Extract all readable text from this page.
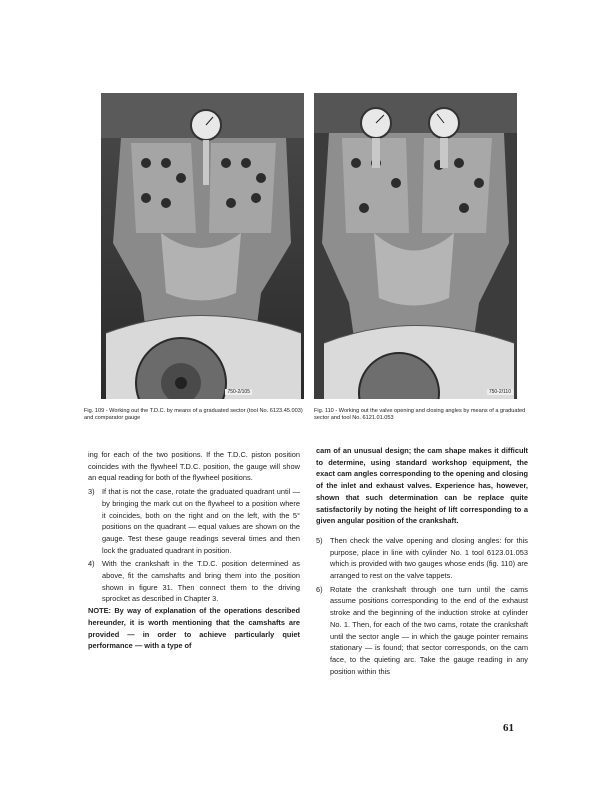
750-2/105	750-2/110
Fig. 109 - Working out the T.D.C. by means of a graduated sector (tool No. 6123.45.003) and comparator gauge
Fig. 110 - Working out the valve opening and closing angles by means of a graduated sector and tool No. 6121.01.053

ing for each of the two positions. If the T.D.C. piston position coincides with the flywheel T.D.C. position, the gauge will show an equal reading for both of the flywheel positions.

3) If that is not the case, rotate the graduated quadrant until — by bringing the mark cut on the flywheel to a position where it coincides, both on the right and on the left, with the 5° positions on the quadrant — equal values are shown on the gauge. Test these gauge readings several times and then lock the graduated quadrant in position.
4) With the crankshaft in the T.D.C. position determined as above, fit the camshafts and bring them into the position shown in figure 31. Then connect them to the driving sprocket as described in Chapter 3.

NOTE: By way of explanation of the operations described hereunder, it is worth mentioning that the camshafts are provided — in order to achieve particularly quiet performance — with a type of

cam of an unusual design; the cam shape makes it difficult to determine, using standard workshop equipment, the exact cam angles corresponding to the opening and closing of the inlet and exhaust valves. Experience has, however, shown that such determination can be replace quite satisfactorily by noting the height of lift corresponding to a given angular position of the crankshaft.

5) Then check the valve opening and closing angles: for this purpose, place in line with cylinder No. 1 tool 6123.01.053 which is provided with two gauges whose ends (fig. 110) are arranged to rest on the valve tappets.
6) Rotate the crankshaft through one turn until the cams assume positions corresponding to the end of the exhaust stroke and the beginning of the induction stroke at cylinder No. 1. Then, for each of the two cams, rotate the crankshaft until the sector angle — in which the gauge pointer remains stationary — is found; that sector corresponds, on the cam face, to the quieting arc. Take the gauge reading in any position within this
61
